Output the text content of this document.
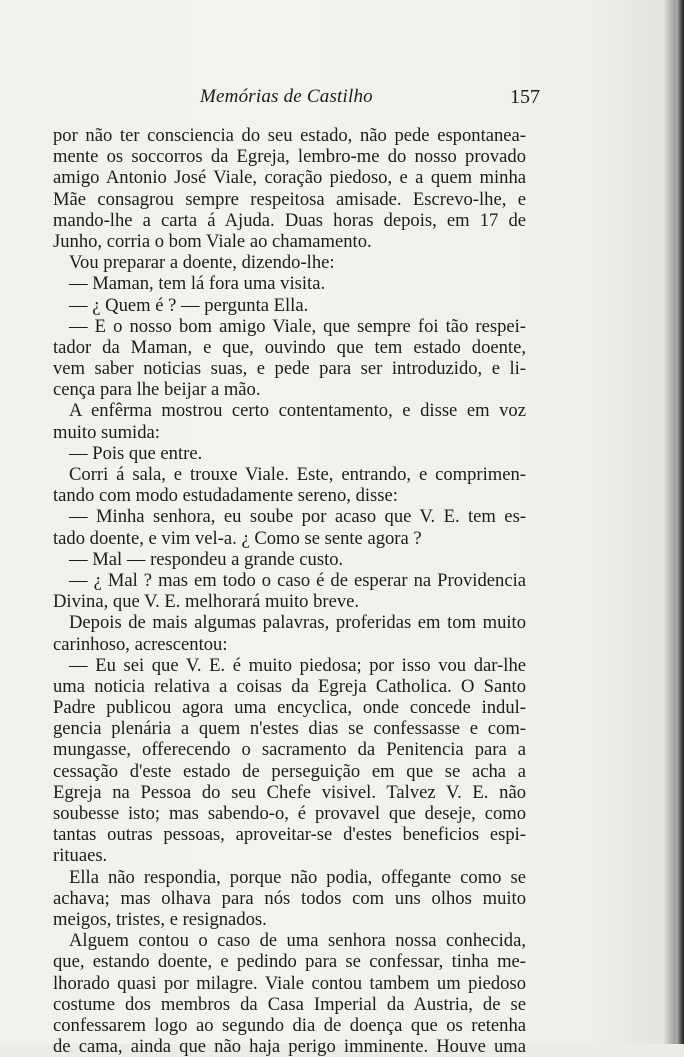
Memórias de Castilho	157
por não ter consciencia do seu estado, não pede espontanea-
mente os soccorros da Egreja, lembro-me do nosso provado
amigo Antonio José Viale, coração piedoso, e a quem minha
Mãe consagrou sempre respeitosa amisade. Escrevo-lhe, e
mando-lhe a carta á Ajuda. Duas horas depois, em 17 de
Junho, corria o bom Viale ao chamamento.
Vou preparar a doente, dizendo-lhe:
— Maman, tem lá fora uma visita.
— ¿ Quem é ? — pergunta Ella.
— E o nosso bom amigo Viale, que sempre foi tão respei-
tador da Maman, e que, ouvindo que tem estado doente,
vem saber noticias suas, e pede para ser introduzido, e li-
cença para lhe beijar a mão.
A enfêrma mostrou certo contentamento, e disse em voz
muito sumida:
— Pois que entre.
Corri á sala, e trouxe Viale. Este, entrando, e comprimen-
tando com modo estudadamente sereno, disse:
— Minha senhora, eu soube por acaso que V. E. tem es-
tado doente, e vim vel-a. ¿ Como se sente agora ?
— Mal — respondeu a grande custo.
— ¿ Mal ? mas em todo o caso é de esperar na Providencia
Divina, que V. E. melhorará muito breve.
Depois de mais algumas palavras, proferidas em tom muito
carinhoso, acrescentou:
— Eu sei que V. E. é muito piedosa; por isso vou dar-lhe
uma noticia relativa a coisas da Egreja Catholica. O Santo
Padre publicou agora uma encyclica, onde concede indul-
gencia plenária a quem n'estes dias se confessasse e com-
mungasse, offerecendo o sacramento da Penitencia para a
cessação d'este estado de perseguição em que se acha a
Egreja na Pessoa do seu Chefe visivel. Talvez V. E. não
soubesse isto; mas sabendo-o, é provavel que deseje, como
tantas outras pessoas, aproveitar-se d'estes beneficios espi-
rituaes.
Ella não respondia, porque não podia, offegante como se
achava; mas olhava para nós todos com uns olhos muito
meigos, tristes, e resignados.
Alguem contou o caso de uma senhora nossa conhecida,
que, estando doente, e pedindo para se confessar, tinha me-
lhorado quasi por milagre. Viale contou tambem um piedoso
costume dos membros da Casa Imperial da Austria, de se
confessarem logo ao segundo dia de doença que os retenha
de cama, ainda que não haja perigo imminente. Houve uma
